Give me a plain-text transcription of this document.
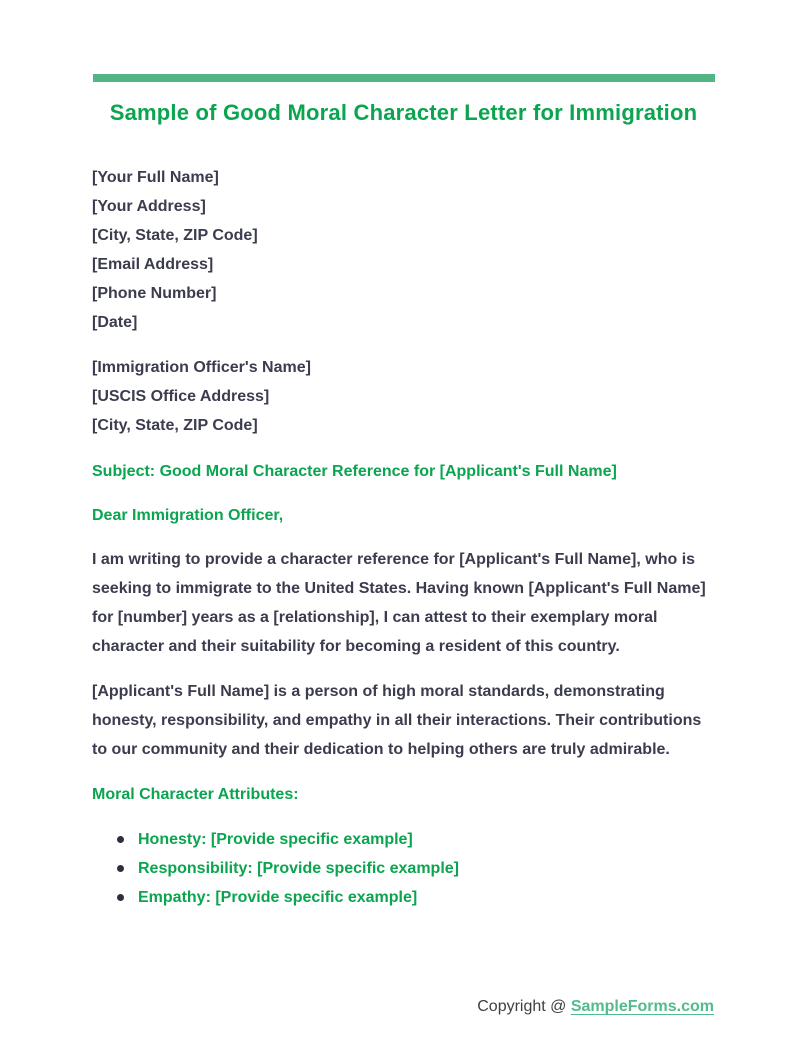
Sample of Good Moral Character Letter for Immigration
[Your Full Name]
[Your Address]
[City, State, ZIP Code]
[Email Address]
[Phone Number]
[Date]
[Immigration Officer's Name]
[USCIS Office Address]
[City, State, ZIP Code]
Subject: Good Moral Character Reference for [Applicant's Full Name]
Dear Immigration Officer,

I am writing to provide a character reference for [Applicant's Full Name], who is seeking to immigrate to the United States. Having known [Applicant's Full Name] for [number] years as a [relationship], I can attest to their exemplary moral character and their suitability for becoming a resident of this country.

[Applicant's Full Name] is a person of high moral standards, demonstrating honesty, responsibility, and empathy in all their interactions. Their contributions to our community and their dedication to helping others are truly admirable.

Moral Character Attributes:
Honesty: [Provide specific example]
Responsibility: [Provide specific example]
Empathy: [Provide specific example]
Copyright @ SampleForms.com
